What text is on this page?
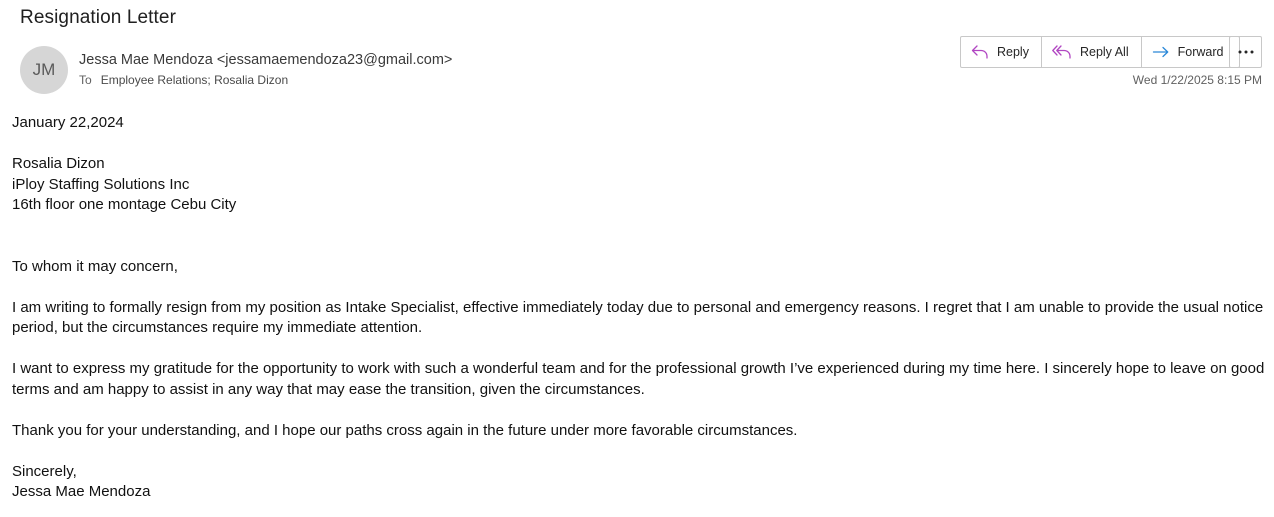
Resignation Letter
JM Jessa Mae Mendoza <jessamaemendoza23@gmail.com>
To Employee Relations; Rosalia Dizon
Reply	Reply All	Forward
Wed 1/22/2025 8:15 PM

January 22,2024

Rosalia Dizon

iPloy Staffing Solutions Inc

16th floor one montage Cebu City

To whom it may concern,

I am writing to formally resign from my position as Intake Specialist, effective immediately today due to personal and emergency reasons. I regret that I am unable to provide the usual notice period, but the circumstances require my immediate attention.

I want to express my gratitude for the opportunity to work with such a wonderful team and for the professional growth I’ve experienced during my time here. I sincerely hope to leave on good terms and am happy to assist in any way that may ease the transition, given the circumstances.

Thank you for your understanding, and I hope our paths cross again in the future under more favorable circumstances.

Sincerely,

Jessa Mae Mendoza
